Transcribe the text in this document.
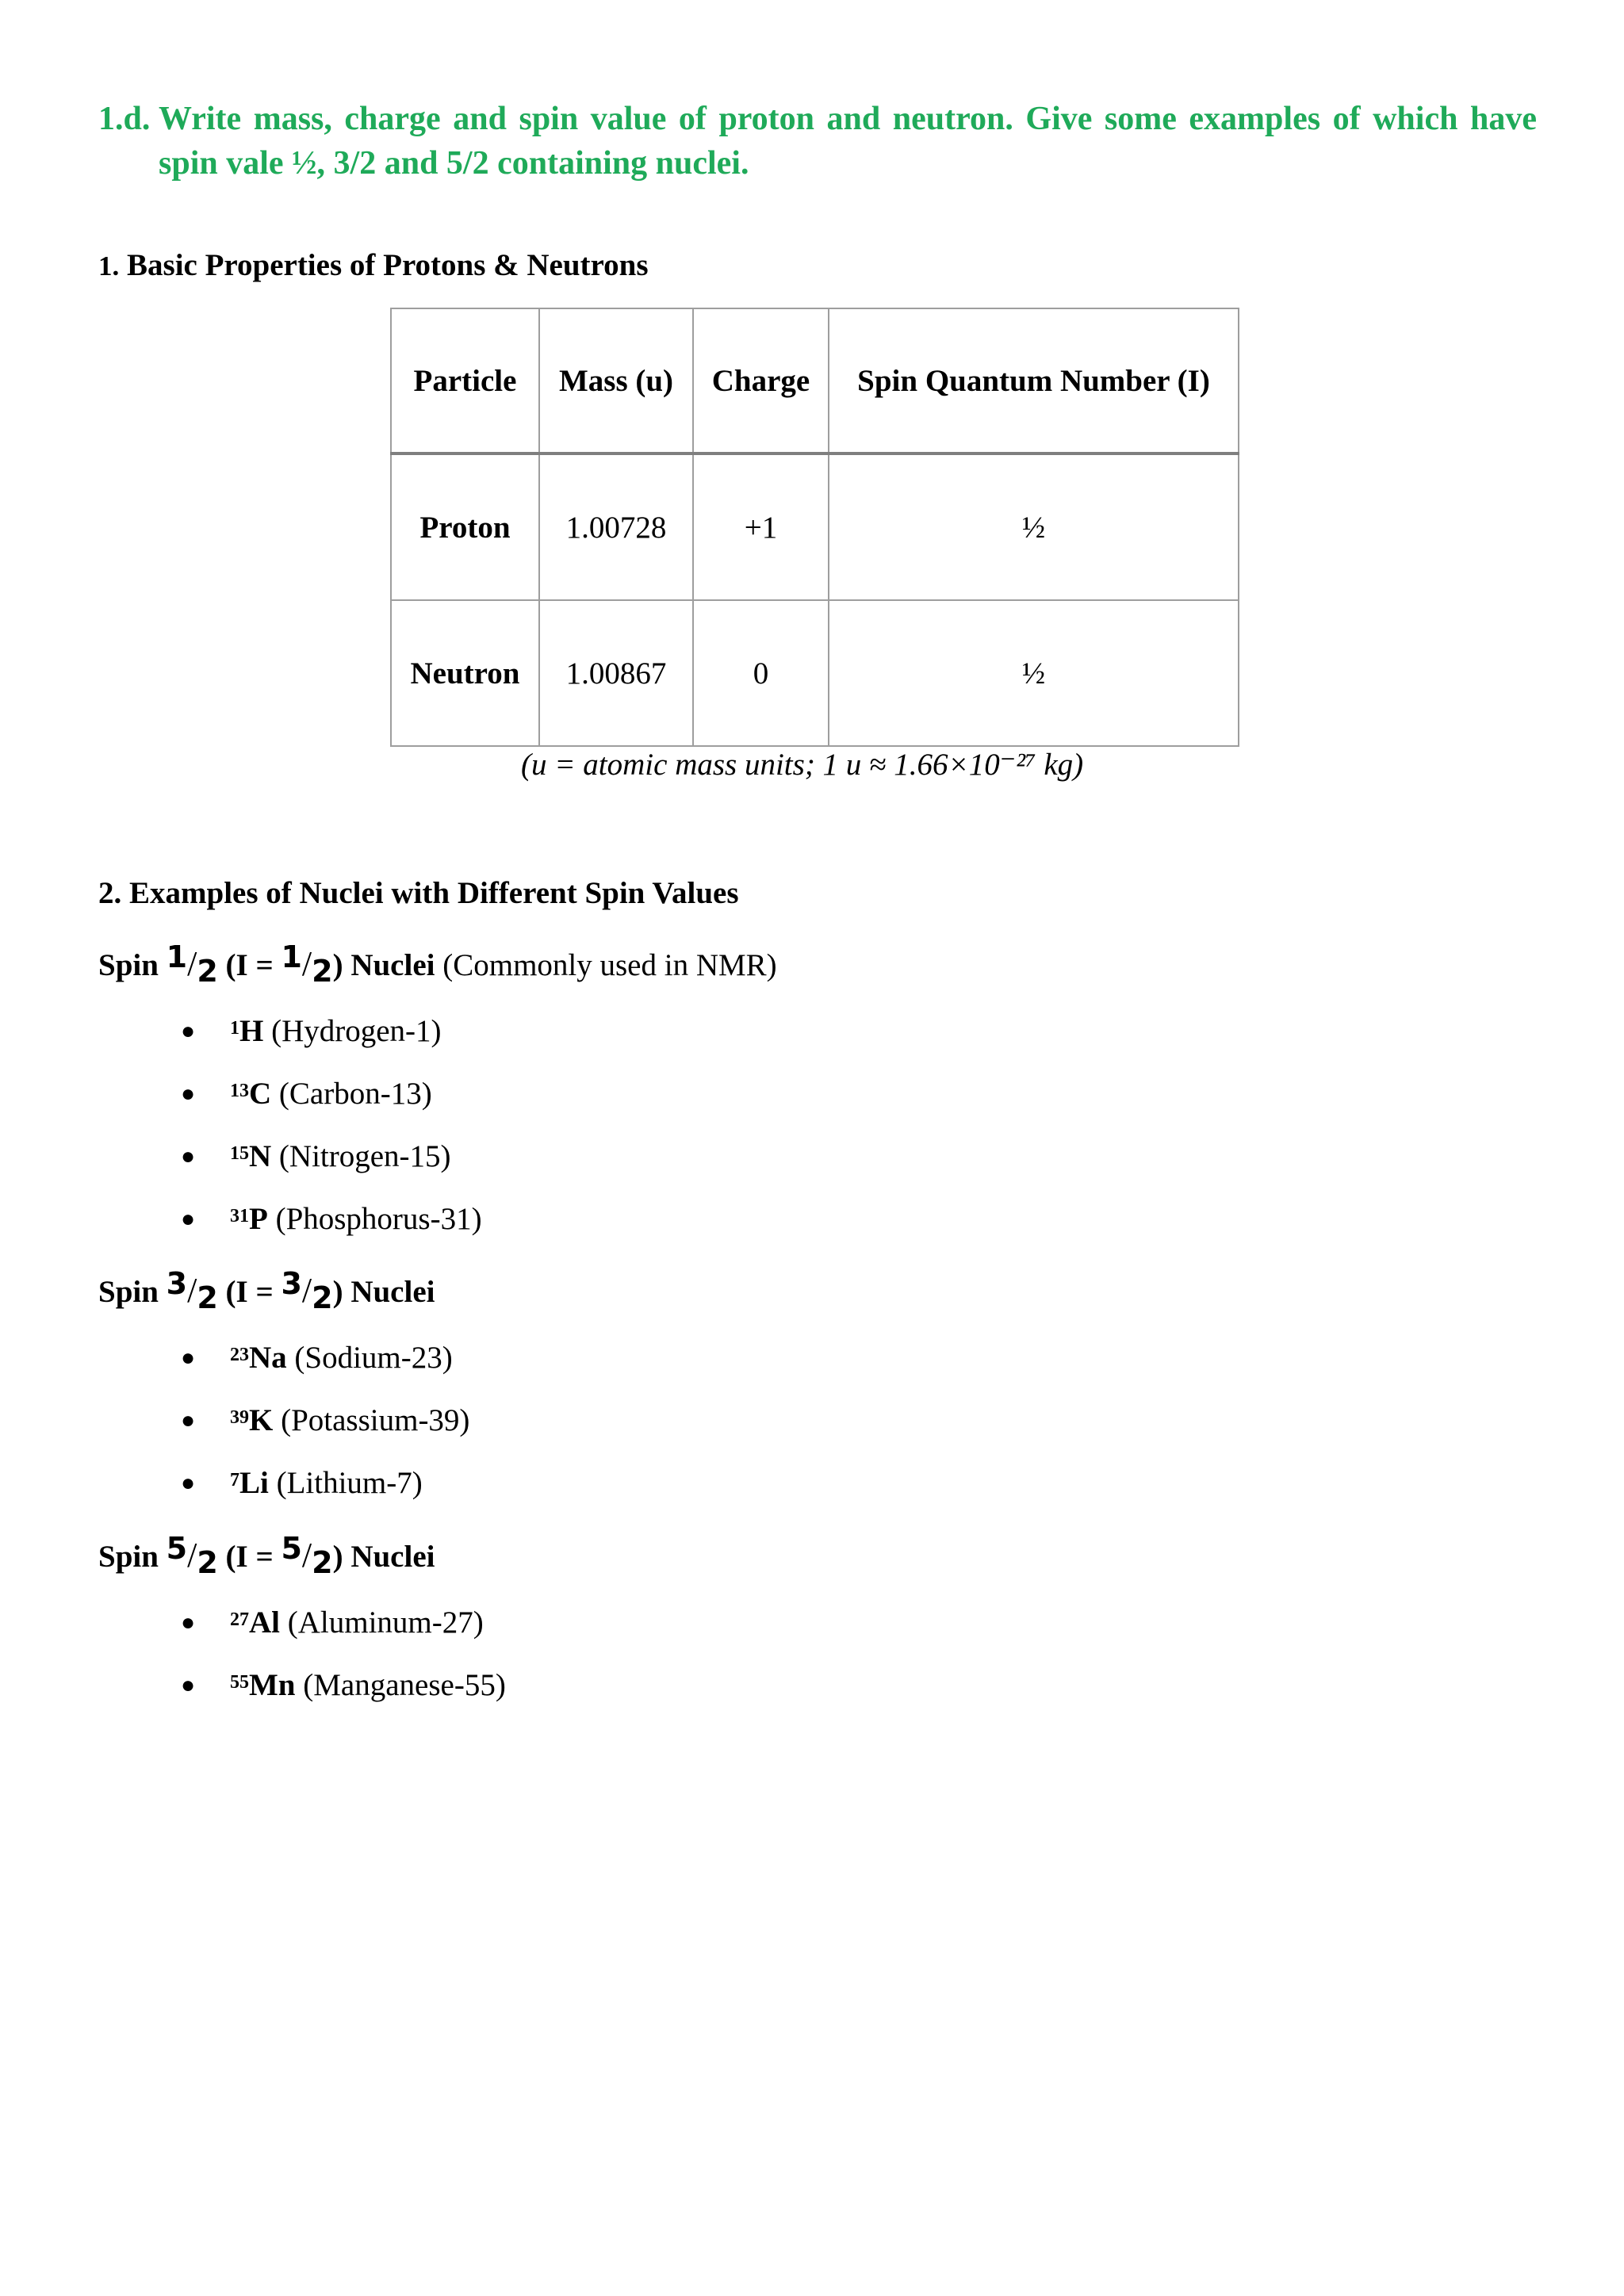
1.d. Write mass, charge and spin value of proton and neutron. Give some examples of which have spin vale ½, 3/2 and 5/2 containing nuclei.
1. Basic Properties of Protons & Neutrons
Particle	Mass (u)	Charge	Spin Quantum Number (I)
Proton	1.00728	+1	½
Neutron	1.00867	0	½
(u = atomic mass units; 1 u ≈ 1.66×10⁻²⁷ kg)
2. Examples of Nuclei with Different Spin Values
Spin 1/2 (I = 1/2) Nuclei (Commonly used in NMR)
● $^1$H (Hydrogen-1)
● $^{13}$C (Carbon-13)
● $^{15}$N (Nitrogen-15)
● $^{31}$P (Phosphorus-31)
Spin 3/2 (I = 3/2) Nuclei
● $^{23}$Na (Sodium-23)
● $^{39}$K (Potassium-39)
● $^7$Li (Lithium-7)
Spin 5/2 (I = 5/2) Nuclei
● $^{27}$Al (Aluminum-27)
● $^{55}$Mn (Manganese-55)
